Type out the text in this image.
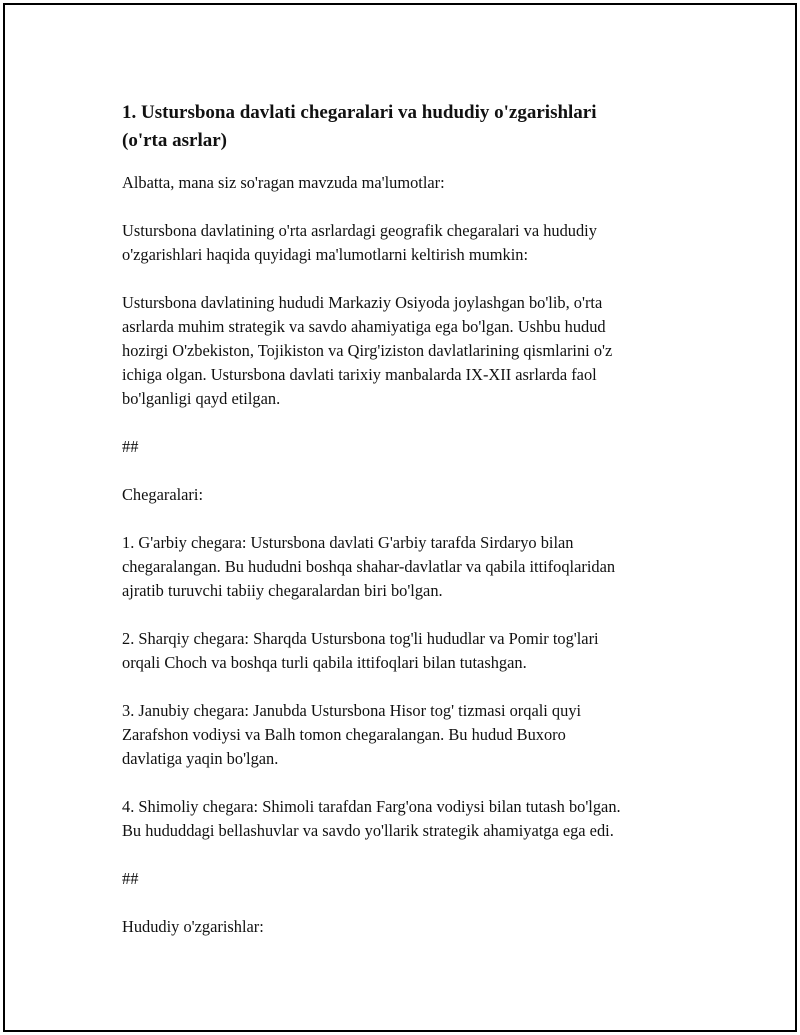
1. Ustursbona davlati chegaralari va hududiy o'zgarishlari
(o'rta asrlar)

Albatta, mana siz so'ragan mavzuda ma'lumotlar:

Ustursbona davlatining o'rta asrlardagi geografik chegaralari va hududiy
o'zgarishlari haqida quyidagi ma'lumotlarni keltirish mumkin:

Ustursbona davlatining hududi Markaziy Osiyoda joylashgan bo'lib, o'rta
asrlarda muhim strategik va savdo ahamiyatiga ega bo'lgan. Ushbu hudud
hozirgi O'zbekiston, Tojikiston va Qirg'iziston davlatlarining qismlarini o'z
ichiga olgan. Ustursbona davlati tarixiy manbalarda IX-XII asrlarda faol
bo'lganligi qayd etilgan.

##

Chegaralari:

1. G'arbiy chegara: Ustursbona davlati G'arbiy tarafda Sirdaryo bilan
chegaralangan. Bu hududni boshqa shahar-davlatlar va qabila ittifoqlaridan
ajratib turuvchi tabiiy chegaralardan biri bo'lgan.

2. Sharqiy chegara: Sharqda Ustursbona tog'li hududlar va Pomir tog'lari
orqali Choch va boshqa turli qabila ittifoqlari bilan tutashgan.

3. Janubiy chegara: Janubda Ustursbona Hisor tog' tizmasi orqali quyi
Zarafshon vodiysi va Balh tomon chegaralangan. Bu hudud Buxoro
davlatiga yaqin bo'lgan.

4. Shimoliy chegara: Shimoli tarafdan Farg'ona vodiysi bilan tutash bo'lgan.
Bu hududdagi bellashuvlar va savdo yo'llarik strategik ahamiyatga ega edi.

##

Hududiy o'zgarishlar:
